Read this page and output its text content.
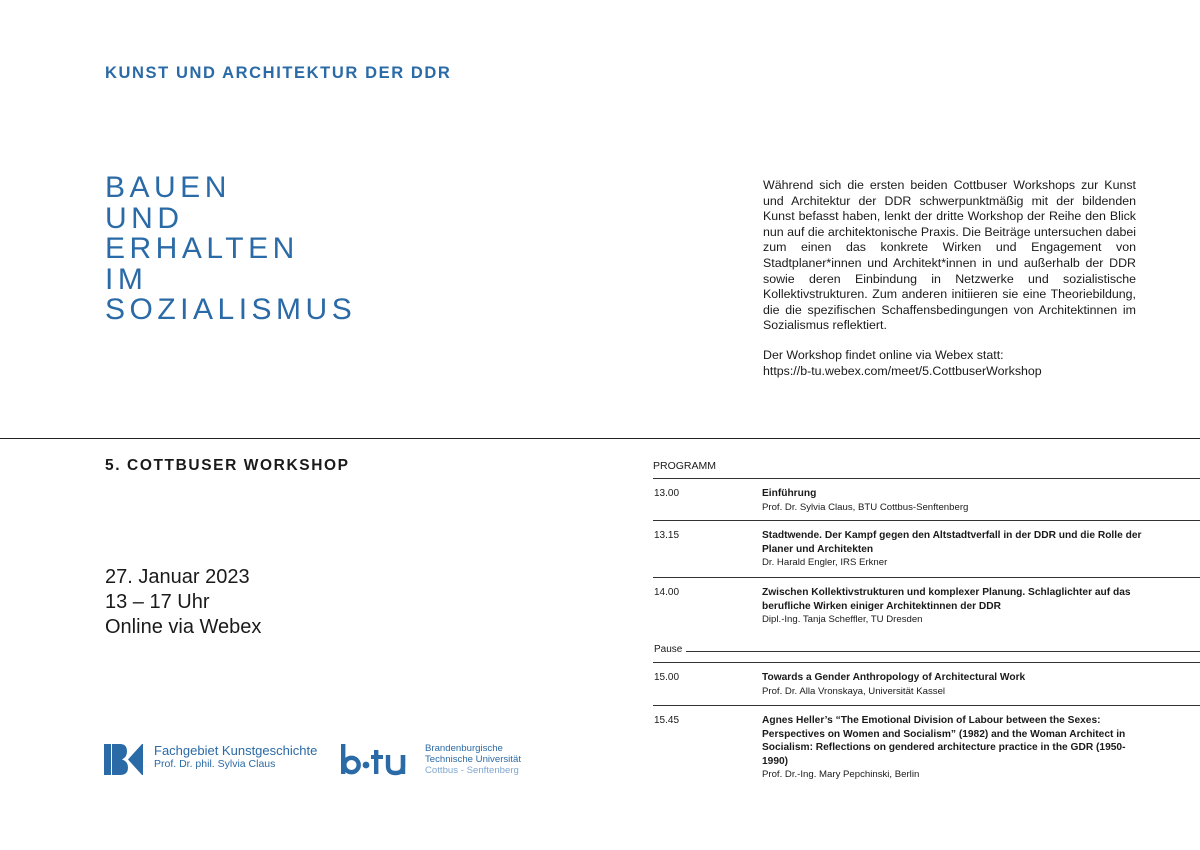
KUNST UND ARCHITEKTUR DER DDR
BAUEN
UND
ERHALTEN
IM
SOZIALISMUS

Während sich die ersten beiden Cottbuser Workshops zur Kunst und Architektur der DDR schwerpunktmäßig mit der bildenden Kunst befasst haben, lenkt der dritte Workshop der Reihe den Blick nun auf die architektonische Praxis. Die Beiträge untersuchen dabei zum einen das konkrete Wirken und Engagement von Stadtplaner*innen und Architekt*innen in und außerhalb der DDR sowie deren Einbindung in Netzwerke und sozialistische Kollektivstrukturen. Zum anderen initiieren sie eine Theoriebildung, die die spezifischen Schaffensbedingungen von Architektinnen im Sozialismus reflektiert.

Der Workshop findet online via Webex statt:

https://b-tu.webex.com/meet/5.CottbuserWorkshop

5. COTTBUSER WORKSHOP
27. Januar 2023
13 – 17 Uhr
Online via Webex
PROGRAMM
13.00	Einführung
Prof. Dr. Sylvia Claus, BTU Cottbus-Senftenberg
13.15	Stadtwende. Der Kampf gegen den Altstadtverfall in der DDR und die Rolle der Planer und Architekten
Dr. Harald Engler, IRS Erkner
14.00	Zwischen Kollektivstrukturen und komplexer Planung. Schlaglichter auf das berufliche Wirken einiger Architektinnen der DDR
Dipl.-Ing. Tanja Scheffler, TU Dresden
Pause
15.00	Towards a Gender Anthropology of Architectural Work
Prof. Dr. Alla Vronskaya, Universität Kassel
15.45	Agnes Heller’s “The Emotional Division of Labour between the Sexes: Perspectives on Women and Socialism” (1982) and the Woman Architect in Socialism: Reflections on gendered architecture practice in the GDR (1950-1990)
Prof. Dr.-Ing. Mary Pepchinski, Berlin
Fachgebiet Kunstgeschichte
Prof. Dr. phil. Sylvia Claus
Brandenburgische
Technische Universität
Cottbus - Senftenberg
